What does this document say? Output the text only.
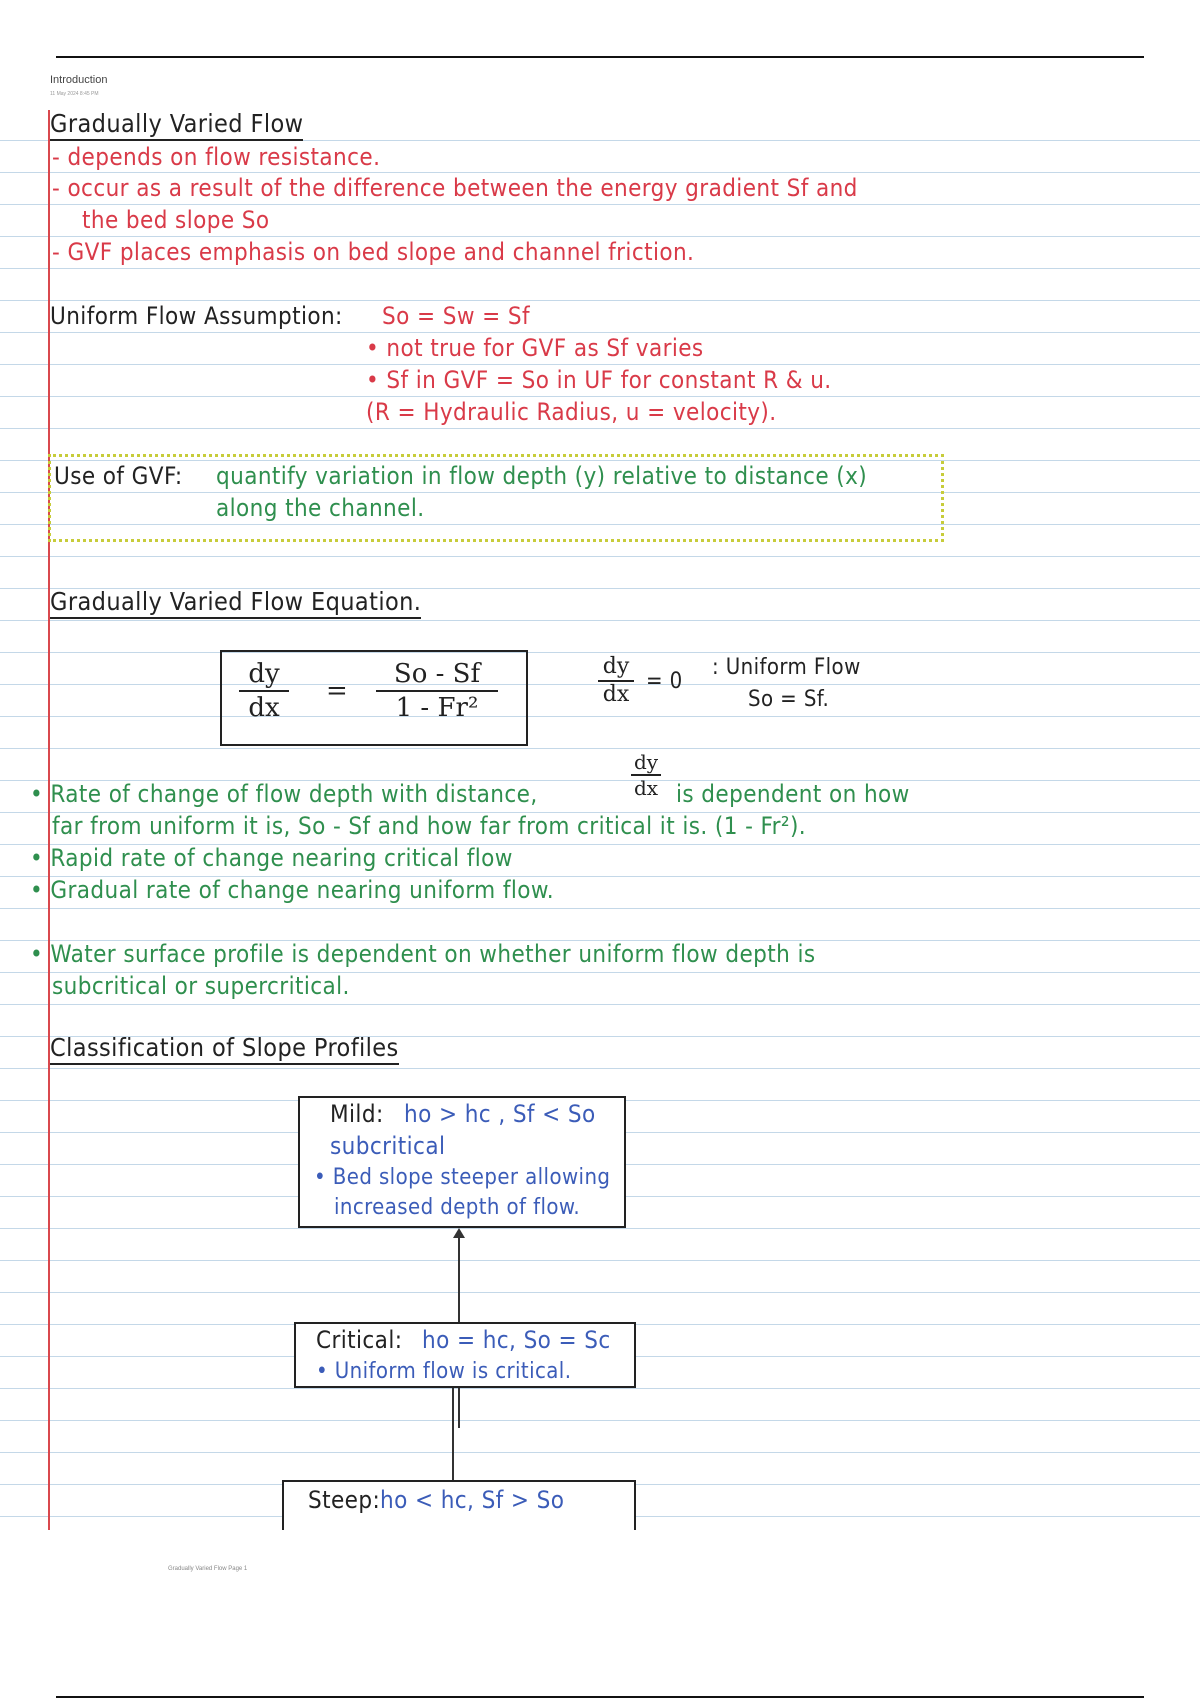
Introduction
11 May 2024 8:45 PM
Gradually Varied Flow
- depends on flow resistance.
- occur as a result of the difference between the energy gradient Sf and
the bed slope So
- GVF places emphasis on bed slope and channel friction.
Uniform Flow Assumption: So = Sw = Sf
• not true for GVF as Sf varies
• Sf in GVF = So in UF for constant R & u.
(R = Hydraulic Radius, u = velocity).
Use of GVF: quantify variation in flow depth (y) relative to distance (x)
along the channel.
Gradually Varied Flow Equation.
dy
dx
=
So - Sf
1 - Fr²
dy
dx
= 0
: Uniform Flow
So = Sf.
• Rate of change of flow depth with distance,
dy
dx is dependent on how
far from uniform it is, So - Sf and how far from critical it is. (1 - Fr²).
• Rapid rate of change nearing critical flow
• Gradual rate of change nearing uniform flow.
• Water surface profile is dependent on whether uniform flow depth is
subcritical or supercritical.
Classification of Slope Profiles
Mild: ho > hc , Sf < So
subcritical
• Bed slope steeper allowing
increased depth of flow.
Critical: ho = hc, So = Sc
• Uniform flow is critical.
Steep: ho < hc, Sf > So
Gradually Varied Flow Page 1
